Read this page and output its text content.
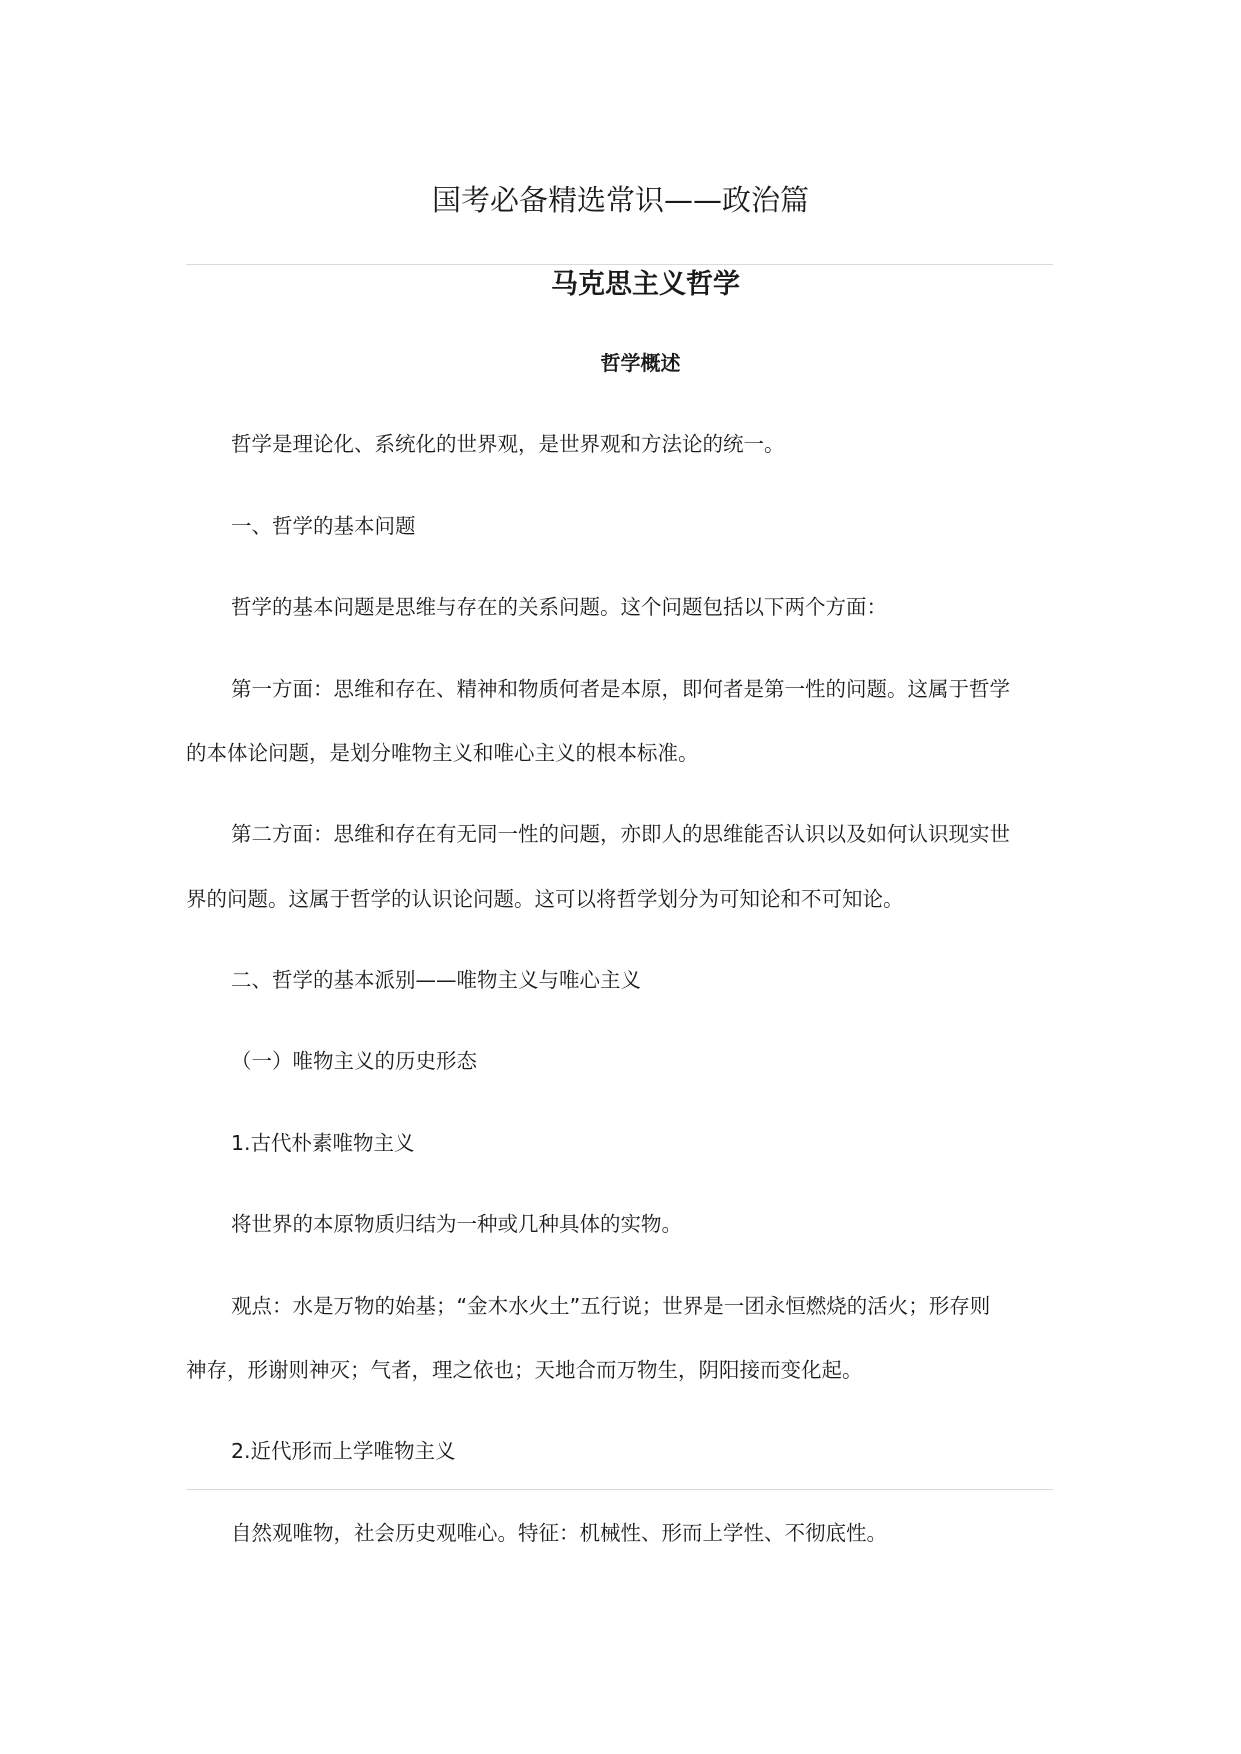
国考必备精选常识——政治篇
马克思主义哲学
哲学概述
哲学是理论化、系统化的世界观，是世界观和方法论的统一。
一、哲学的基本问题
哲学的基本问题是思维与存在的关系问题。这个问题包括以下两个方面：
第一方面：思维和存在、精神和物质何者是本原，即何者是第一性的问题。这属于哲学
的本体论问题，是划分唯物主义和唯心主义的根本标准。
第二方面：思维和存在有无同一性的问题，亦即人的思维能否认识以及如何认识现实世
界的问题。这属于哲学的认识论问题。这可以将哲学划分为可知论和不可知论。
二、哲学的基本派别——唯物主义与唯心主义
（一）唯物主义的历史形态
1.古代朴素唯物主义
将世界的本原物质归结为一种或几种具体的实物。
观点：水是万物的始基；“金木水火土”五行说；世界是一团永恒燃烧的活火；形存则
神存，形谢则神灭；气者，理之依也；天地合而万物生，阴阳接而变化起。
2.近代形而上学唯物主义
自然观唯物，社会历史观唯心。特征：机械性、形而上学性、不彻底性。
